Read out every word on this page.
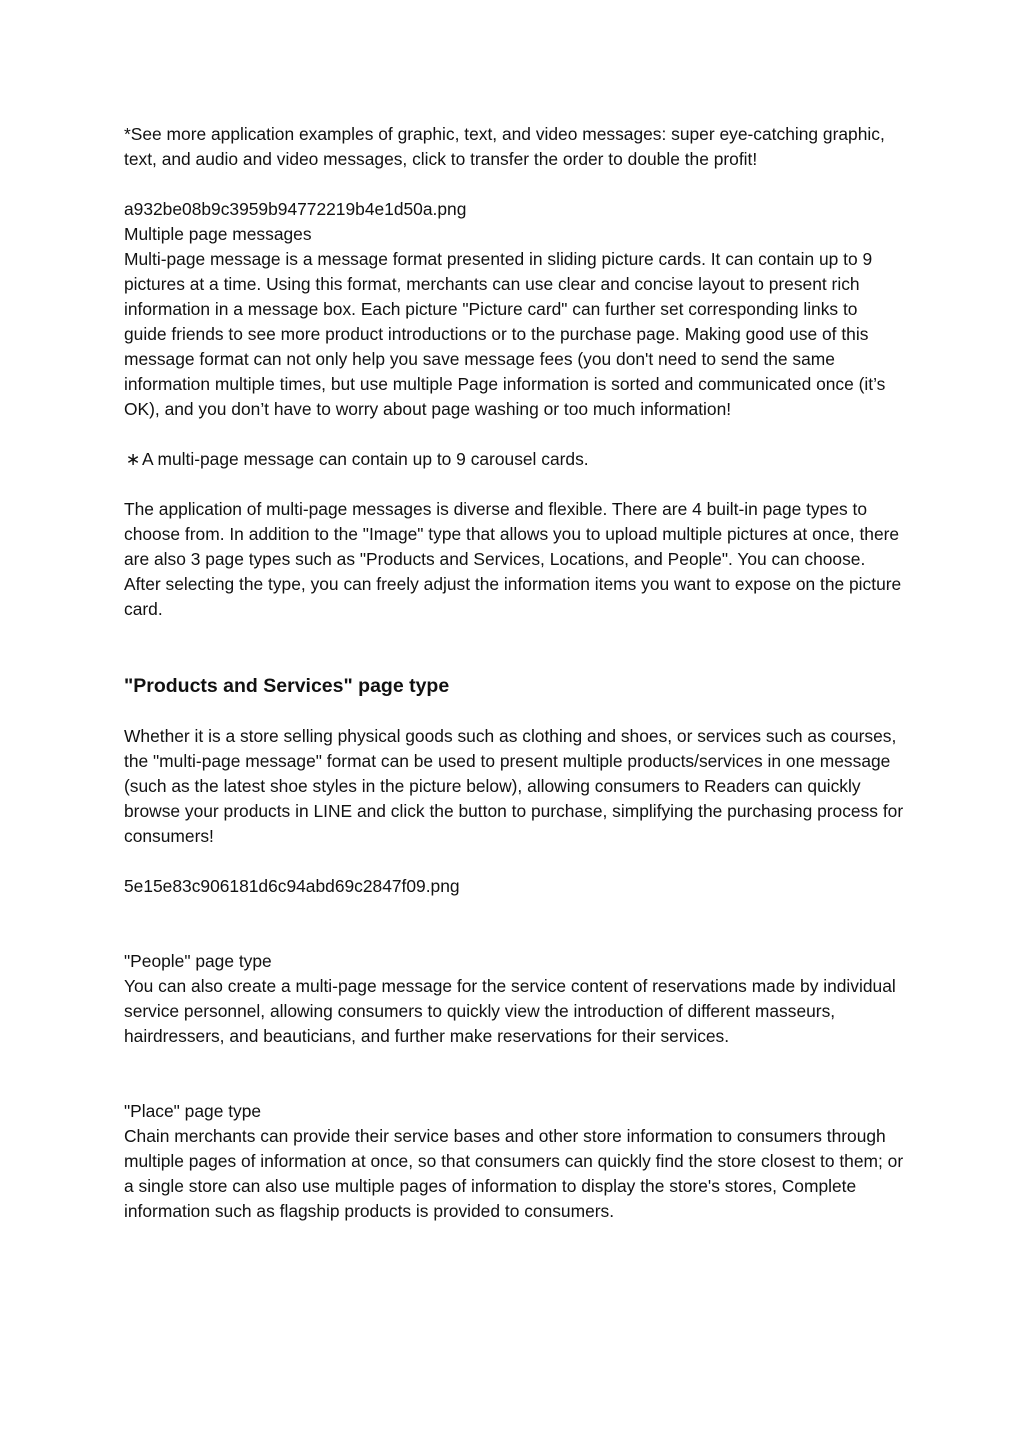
*See more application examples of graphic, text, and video messages: super eye-catching graphic, text, and audio and video messages, click to transfer the order to double the profit!

a932be08b9c3959b94772219b4e1d50a.png

Multiple page messages

Multi-page message is a message format presented in sliding picture cards. It can contain up to 9 pictures at a time. Using this format, merchants can use clear and concise layout to present rich information in a message box. Each picture "Picture card" can further set corresponding links to guide friends to see more product introductions or to the purchase page. Making good use of this message format can not only help you save message fees (you don't need to send the same information multiple times, but use multiple Page information is sorted and communicated once (it’s OK), and you don’t have to worry about page washing or too much information!

∗A multi-page message can contain up to 9 carousel cards.

The application of multi-page messages is diverse and flexible. There are 4 built-in page types to choose from. In addition to the "Image" type that allows you to upload multiple pictures at once, there are also 3 page types such as "Products and Services, Locations, and People". You can choose. After selecting the type, you can freely adjust the information items you want to expose on the picture card.

"Products and Services" page type

Whether it is a store selling physical goods such as clothing and shoes, or services such as courses, the "multi-page message" format can be used to present multiple products/services in one message (such as the latest shoe styles in the picture below), allowing consumers to Readers can quickly browse your products in LINE and click the button to purchase, simplifying the purchasing process for consumers!

5e15e83c906181d6c94abd69c2847f09.png

"People" page type

You can also create a multi-page message for the service content of reservations made by individual service personnel, allowing consumers to quickly view the introduction of different masseurs, hairdressers, and beauticians, and further make reservations for their services.

"Place" page type

Chain merchants can provide their service bases and other store information to consumers through multiple pages of information at once, so that consumers can quickly find the store closest to them; or a single store can also use multiple pages of information to display the store's stores, Complete information such as flagship products is provided to consumers.
